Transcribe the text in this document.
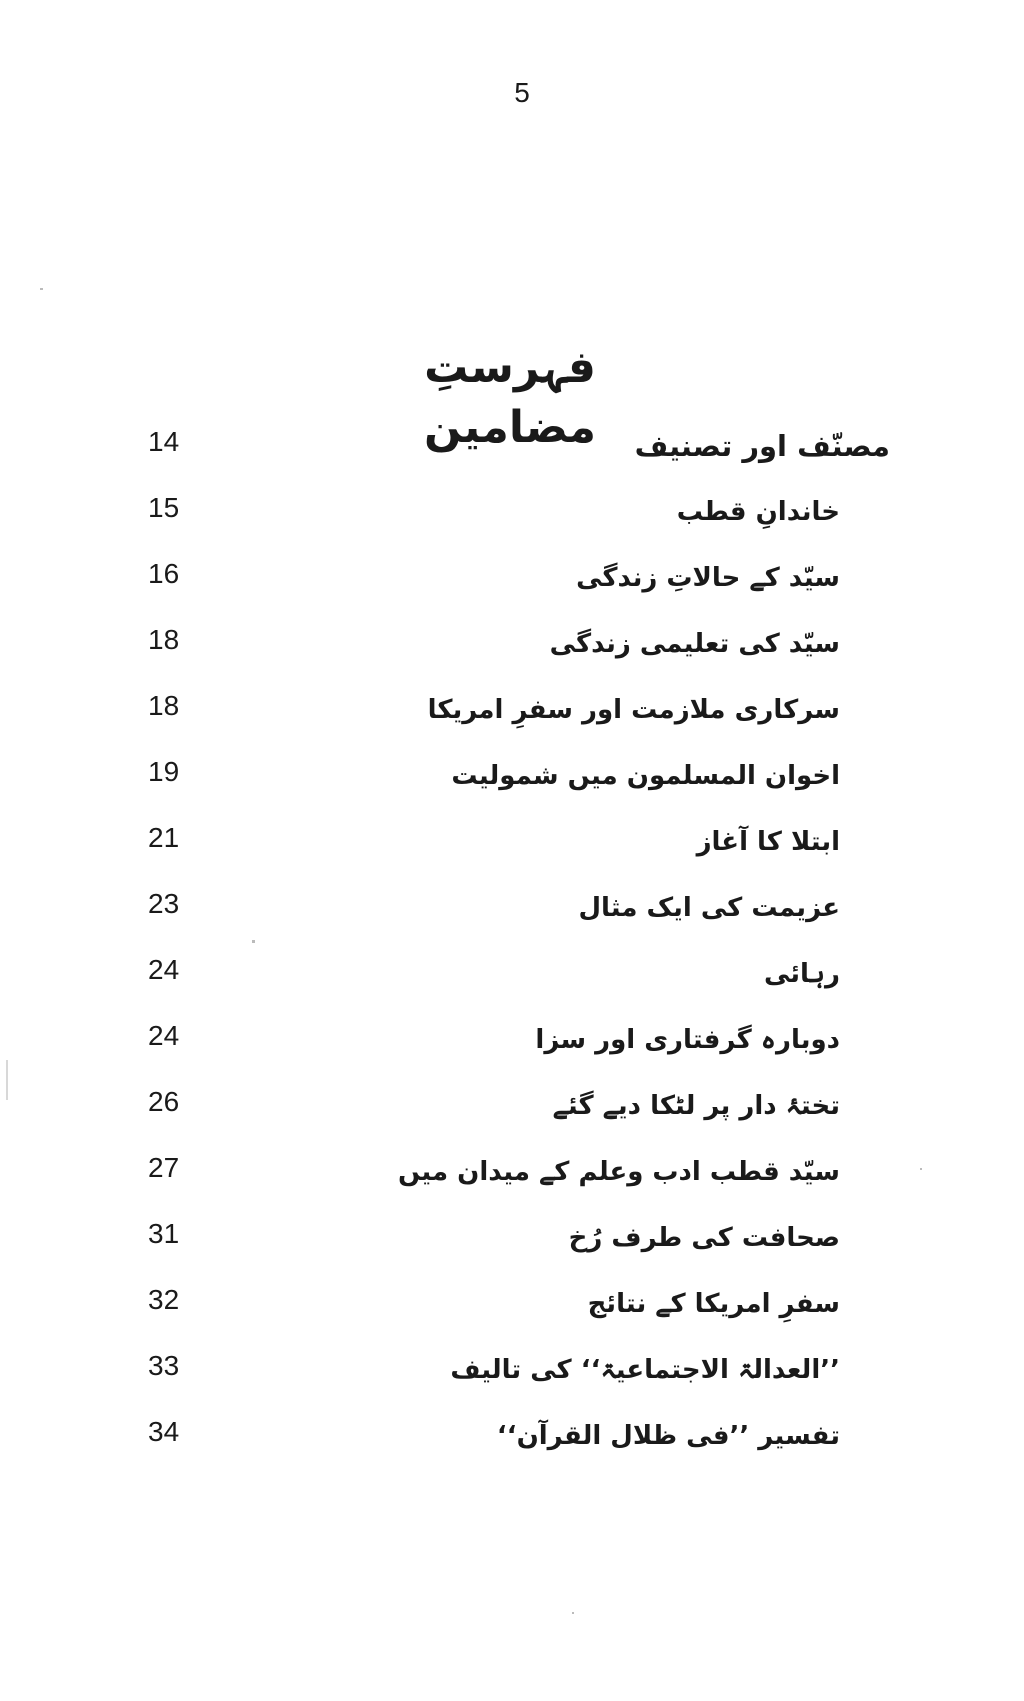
5
فہرستِ مضامین
14	مصنّف اور تصنیف
15	خاندانِ قطب
16	سیّد کے حالاتِ زندگی
18	سیّد کی تعلیمی زندگی
18	سرکاری ملازمت اور سفرِ امریکا
19	اخوان المسلمون میں شمولیت
21	ابتلا کا آغاز
23	عزیمت کی ایک مثال
24	رہائی
24	دوبارہ گرفتاری اور سزا
26	تختۂ دار پر لٹکا دیے گئے
27	سیّد قطب ادب وعلم کے میدان میں
31	صحافت کی طرف رُخ
32	سفرِ امریکا کے نتائج
33	’’العدالۃ الاجتماعیۃ‘‘ کی تالیف
34	تفسیر ’’فی ظلال القرآن‘‘
